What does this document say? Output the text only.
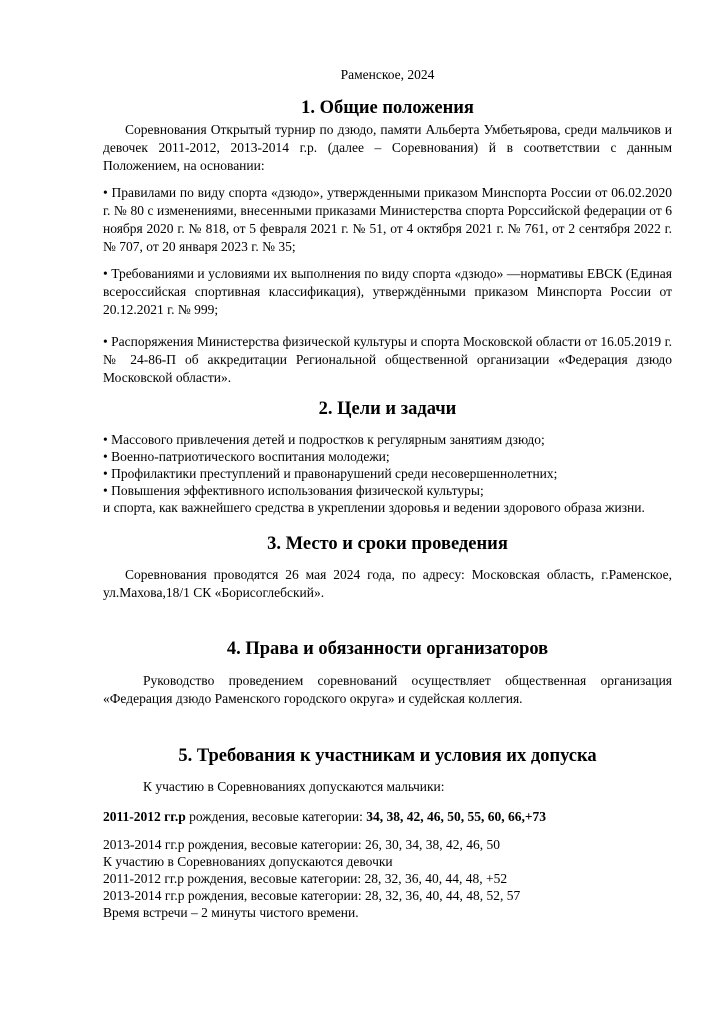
Раменское, 2024
1. Общие положения

Соревнования Открытый турнир по дзюдо, памяти Альберта Умбетьярова, среди мальчиков и девочек 2011-2012, 2013-2014 г.р. (далее – Соревнования) й в соответствии с данным Положением, на основании:

• Правилами по виду спорта «дзюдо», утвержденными приказом Минспорта России от 06.02.2020 г. № 80 с изменениями, внесенными приказами Министерства спорта Рорссийской федерации от 6 ноября 2020 г. № 818, от 5 февраля 2021 г. № 51, от 4 октября 2021 г. № 761, от 2 сентября 2022 г. № 707, от 20 января 2023 г. № 35;

• Требованиями и условиями их выполнения по виду спорта «дзюдо» —нормативы ЕВСК (Единая всероссийская спортивная классификация), утверждёнными приказом Минспорта России от 20.12.2021 г. № 999;

• Распоряжения Министерства физической культуры и спорта Московской области от 16.05.2019 г. № 24-86-П об аккредитации Региональной общественной организации «Федерация дзюдо Московской области».

2. Цели и задачи
• Массового привлечения детей и подростков к регулярным занятиям дзюдо;
• Военно-патриотического воспитания молодежи;
• Профилактики преступлений и правонарушений среди несовершеннолетних;
• Повышения эффективного использования физической культуры;

и спорта, как важнейшего средства в укреплении здоровья и ведении здорового образа жизни.

3. Место и сроки проведения

Соревнования проводятся 26 мая 2024 года, по адресу: Московская область, г.Раменское, ул.Махова,18/1 СК «Борисоглебский».

4. Права и обязанности организаторов

Руководство проведением соревнований осуществляет общественная организация «Федерация дзюдо Раменского городского округа» и судейская коллегия.

5. Требования к участникам и условия их допуска
К участию в Соревнованиях допускаются мальчики:
2011-2012 гг.р рождения, весовые категории: 34, 38, 42, 46, 50, 55, 60, 66,+73
2013-2014 гг.р рождения, весовые категории: 26, 30, 34, 38, 42, 46, 50
К участию в Соревнованиях допускаются девочки
2011-2012 гг.р рождения, весовые категории: 28, 32, 36, 40, 44, 48, +52
2013-2014 гг.р рождения, весовые категории: 28, 32, 36, 40, 44, 48, 52, 57
Время встречи – 2 минуты чистого времени.
